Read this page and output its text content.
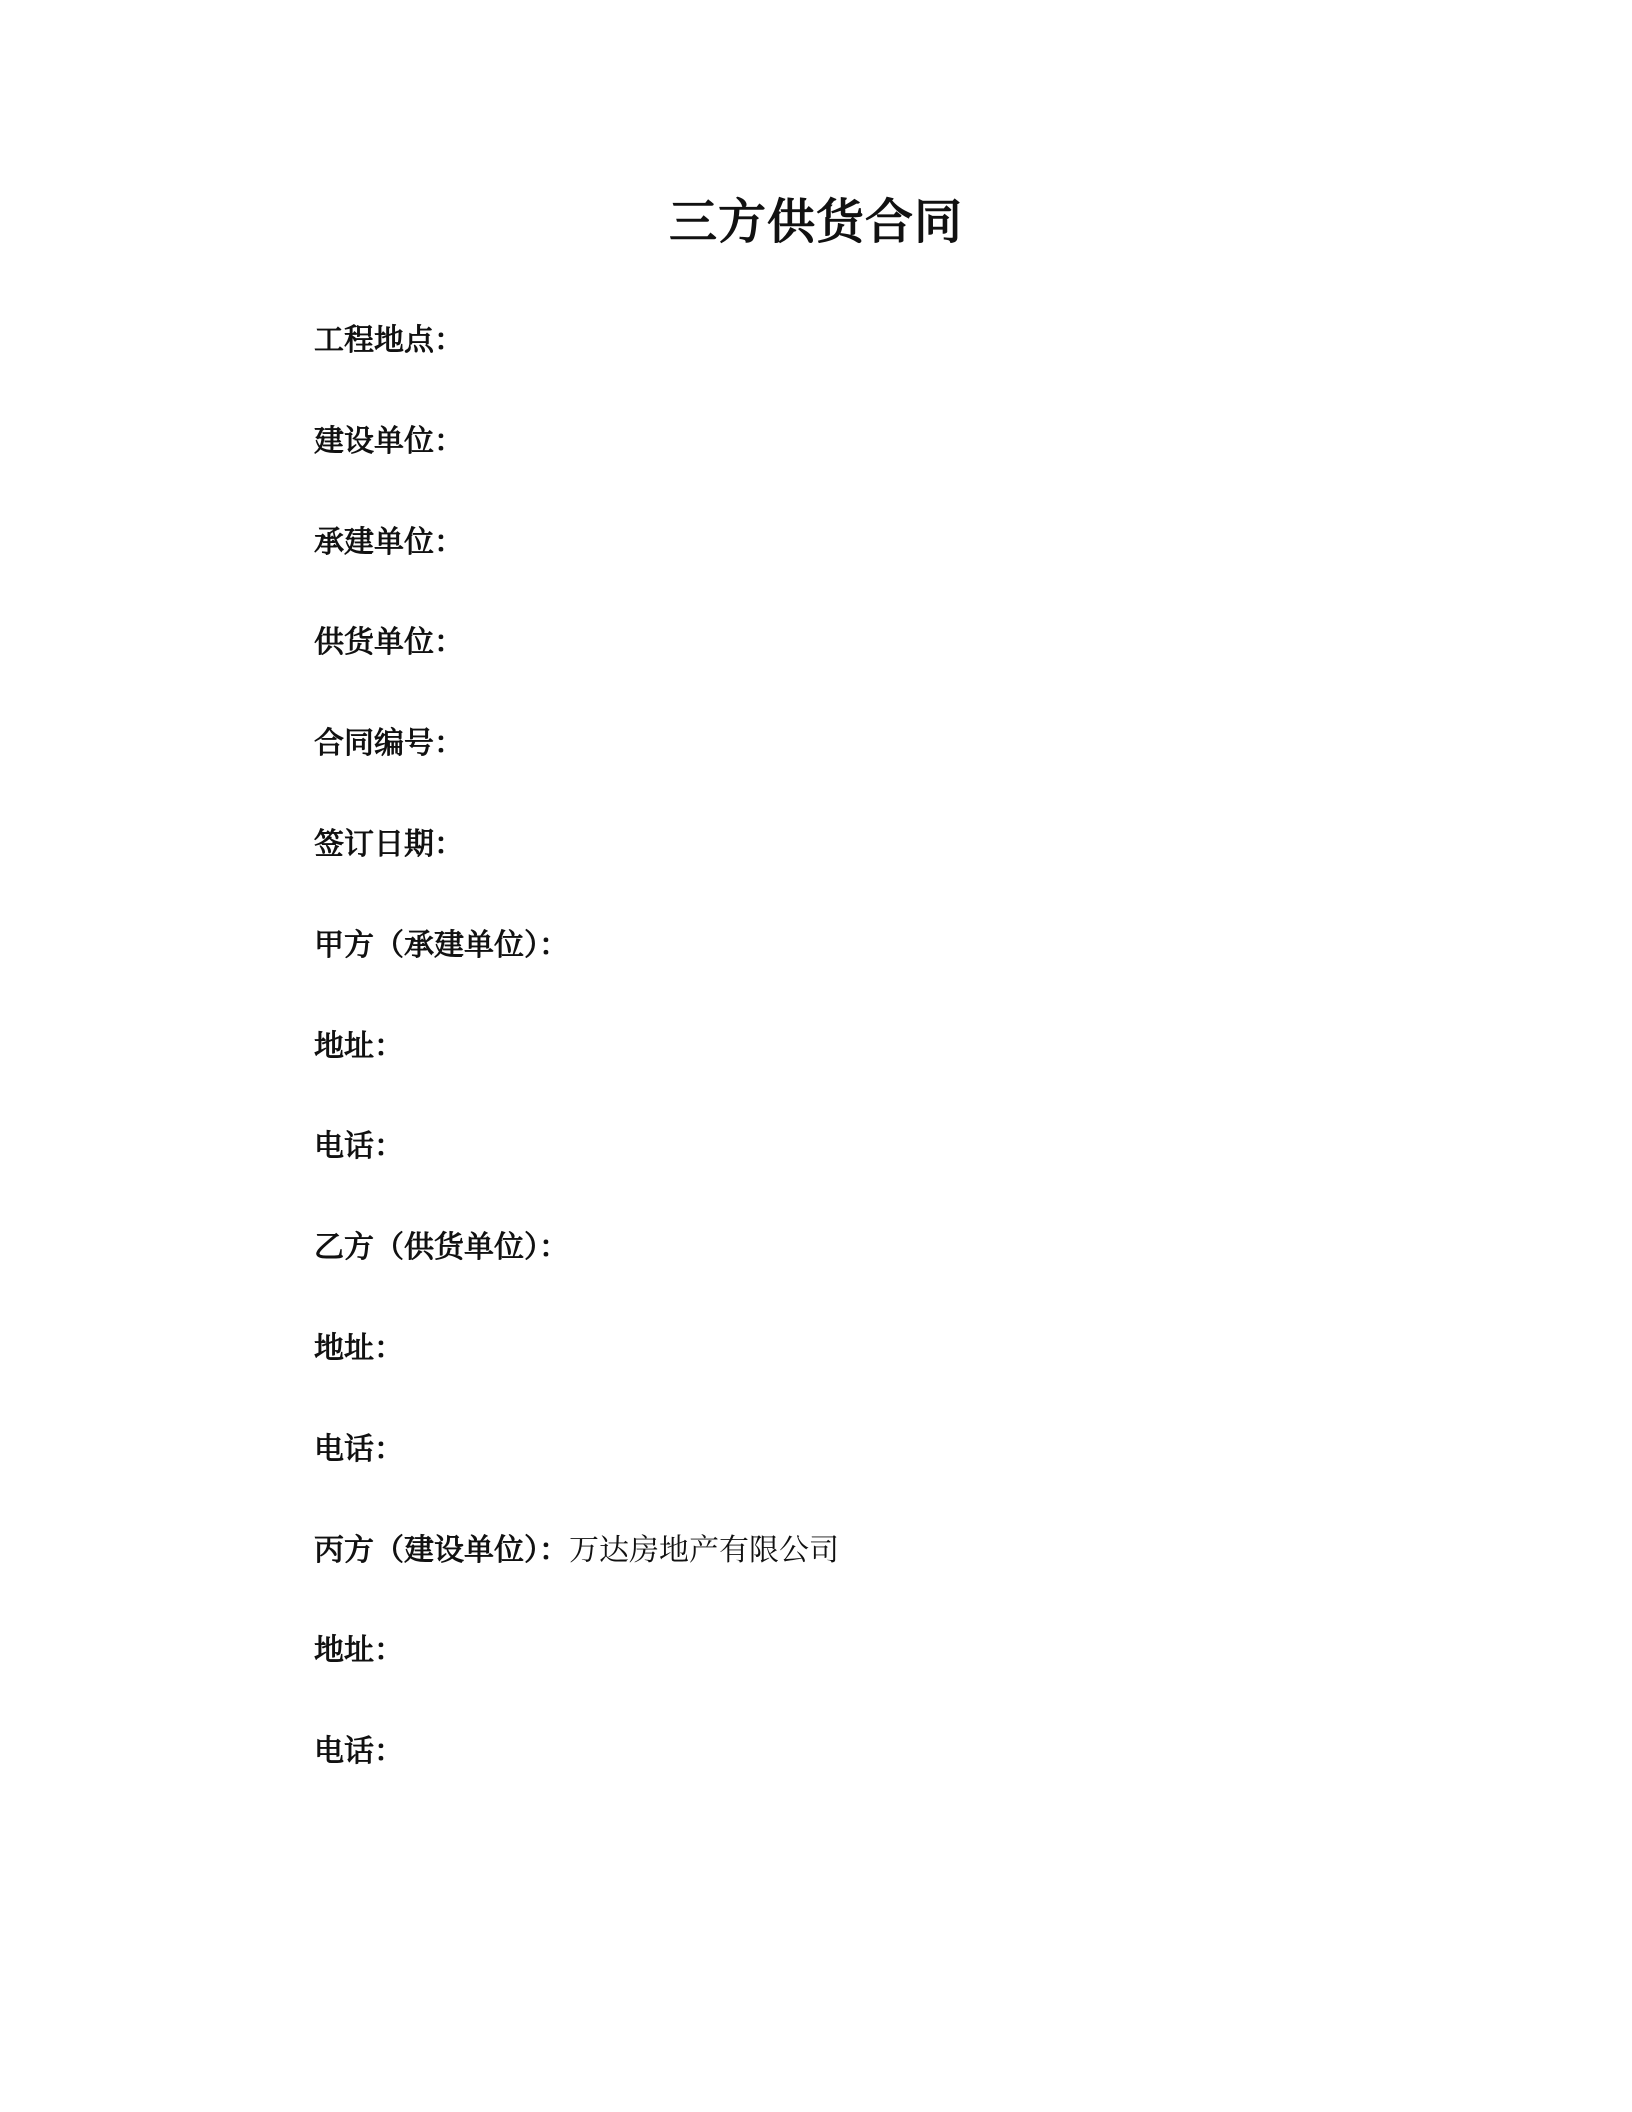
三方供货合同
工程地点：
建设单位：
承建单位：
供货单位：
合同编号：
签订日期：
甲方（承建单位）：
地址：
电话：
乙方（供货单位）：
地址：
电话：
丙方（建设单位）： 万达房地产有限公司
地址：
电话：
